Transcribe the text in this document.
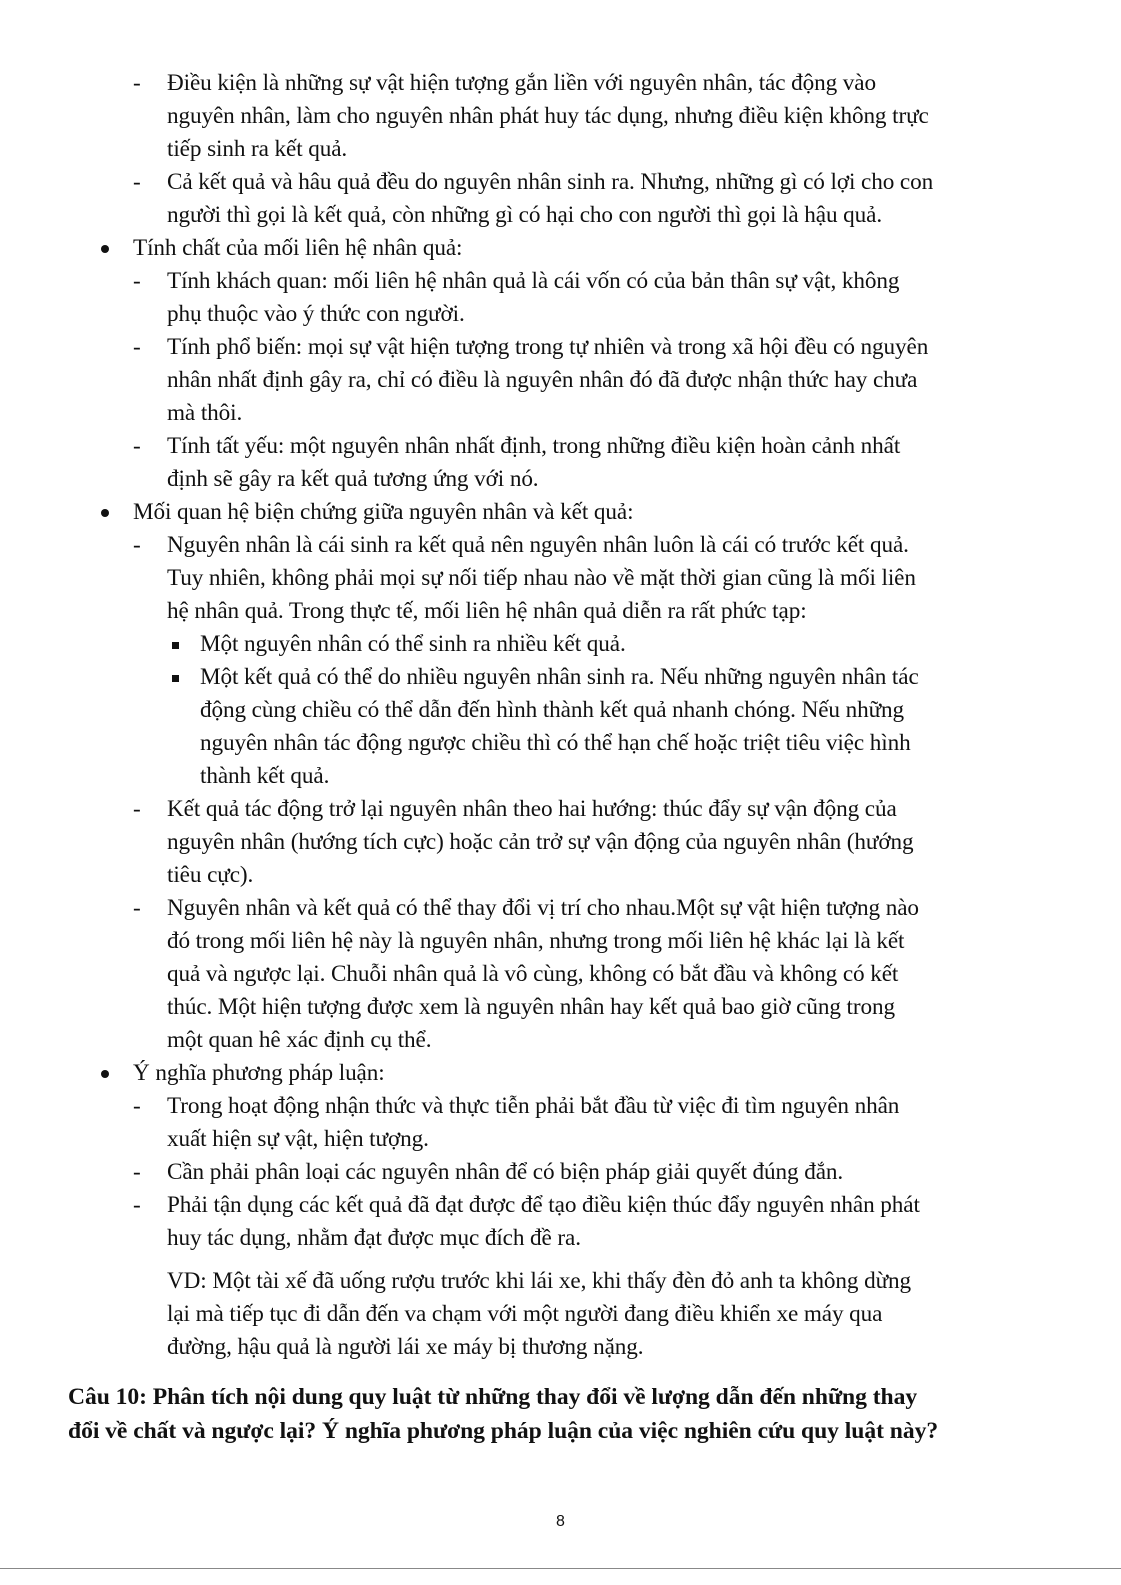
- Điều kiện là những sự vật hiện tượng gắn liền với nguyên nhân, tác động vào
nguyên nhân, làm cho nguyên nhân phát huy tác dụng, nhưng điều kiện không trực
tiếp sinh ra kết quả.
- Cả kết quả và hâu quả đều do nguyên nhân sinh ra. Nhưng, những gì có lợi cho con
người thì gọi là kết quả, còn những gì có hại cho con người thì gọi là hậu quả.
Tính chất của mối liên hệ nhân quả:
- Tính khách quan: mối liên hệ nhân quả là cái vốn có của bản thân sự vật, không
phụ thuộc vào ý thức con người.
- Tính phổ biến: mọi sự vật hiện tượng trong tự nhiên và trong xã hội đều có nguyên
nhân nhất định gây ra, chỉ có điều là nguyên nhân đó đã được nhận thức hay chưa
mà thôi.
- Tính tất yếu: một nguyên nhân nhất định, trong những điều kiện hoàn cảnh nhất
định sẽ gây ra kết quả tương ứng với nó.
Mối quan hệ biện chứng giữa nguyên nhân và kết quả:
- Nguyên nhân là cái sinh ra kết quả nên nguyên nhân luôn là cái có trước kết quả.
Tuy nhiên, không phải mọi sự nối tiếp nhau nào về mặt thời gian cũng là mối liên
hệ nhân quả. Trong thực tế, mối liên hệ nhân quả diễn ra rất phức tạp:
Một nguyên nhân có thể sinh ra nhiều kết quả.
Một kết quả có thể do nhiều nguyên nhân sinh ra. Nếu những nguyên nhân tác
động cùng chiều có thể dẫn đến hình thành kết quả nhanh chóng. Nếu những
nguyên nhân tác động ngược chiều thì có thể hạn chế hoặc triệt tiêu việc hình
thành kết quả.
- Kết quả tác động trở lại nguyên nhân theo hai hướng: thúc đẩy sự vận động của
nguyên nhân (hướng tích cực) hoặc cản trở sự vận động của nguyên nhân (hướng
tiêu cực).
- Nguyên nhân và kết quả có thể thay đổi vị trí cho nhau.Một sự vật hiện tượng nào
đó trong mối liên hệ này là nguyên nhân, nhưng trong mối liên hệ khác lại là kết
quả và ngược lại. Chuỗi nhân quả là vô cùng, không có bắt đầu và không có kết
thúc. Một hiện tượng được xem là nguyên nhân hay kết quả bao giờ cũng trong
một quan hê xác định cụ thể.
Ý nghĩa phương pháp luận:
- Trong hoạt động nhận thức và thực tiễn phải bắt đầu từ việc đi tìm nguyên nhân
xuất hiện sự vật, hiện tượng.
- Cần phải phân loại các nguyên nhân để có biện pháp giải quyết đúng đắn.
- Phải tận dụng các kết quả đã đạt được để tạo điều kiện thúc đẩy nguyên nhân phát
huy tác dụng, nhằm đạt được mục đích đề ra.
VD: Một tài xế đã uống rượu trước khi lái xe, khi thấy đèn đỏ anh ta không dừng
lại mà tiếp tục đi dẫn đến va chạm với một người đang điều khiển xe máy qua
đường, hậu quả là người lái xe máy bị thương nặng.
Câu 10: Phân tích nội dung quy luật từ những thay đổi về lượng dẫn đến những thay
đổi về chất và ngược lại? Ý nghĩa phương pháp luận của việc nghiên cứu quy luật này?
8
